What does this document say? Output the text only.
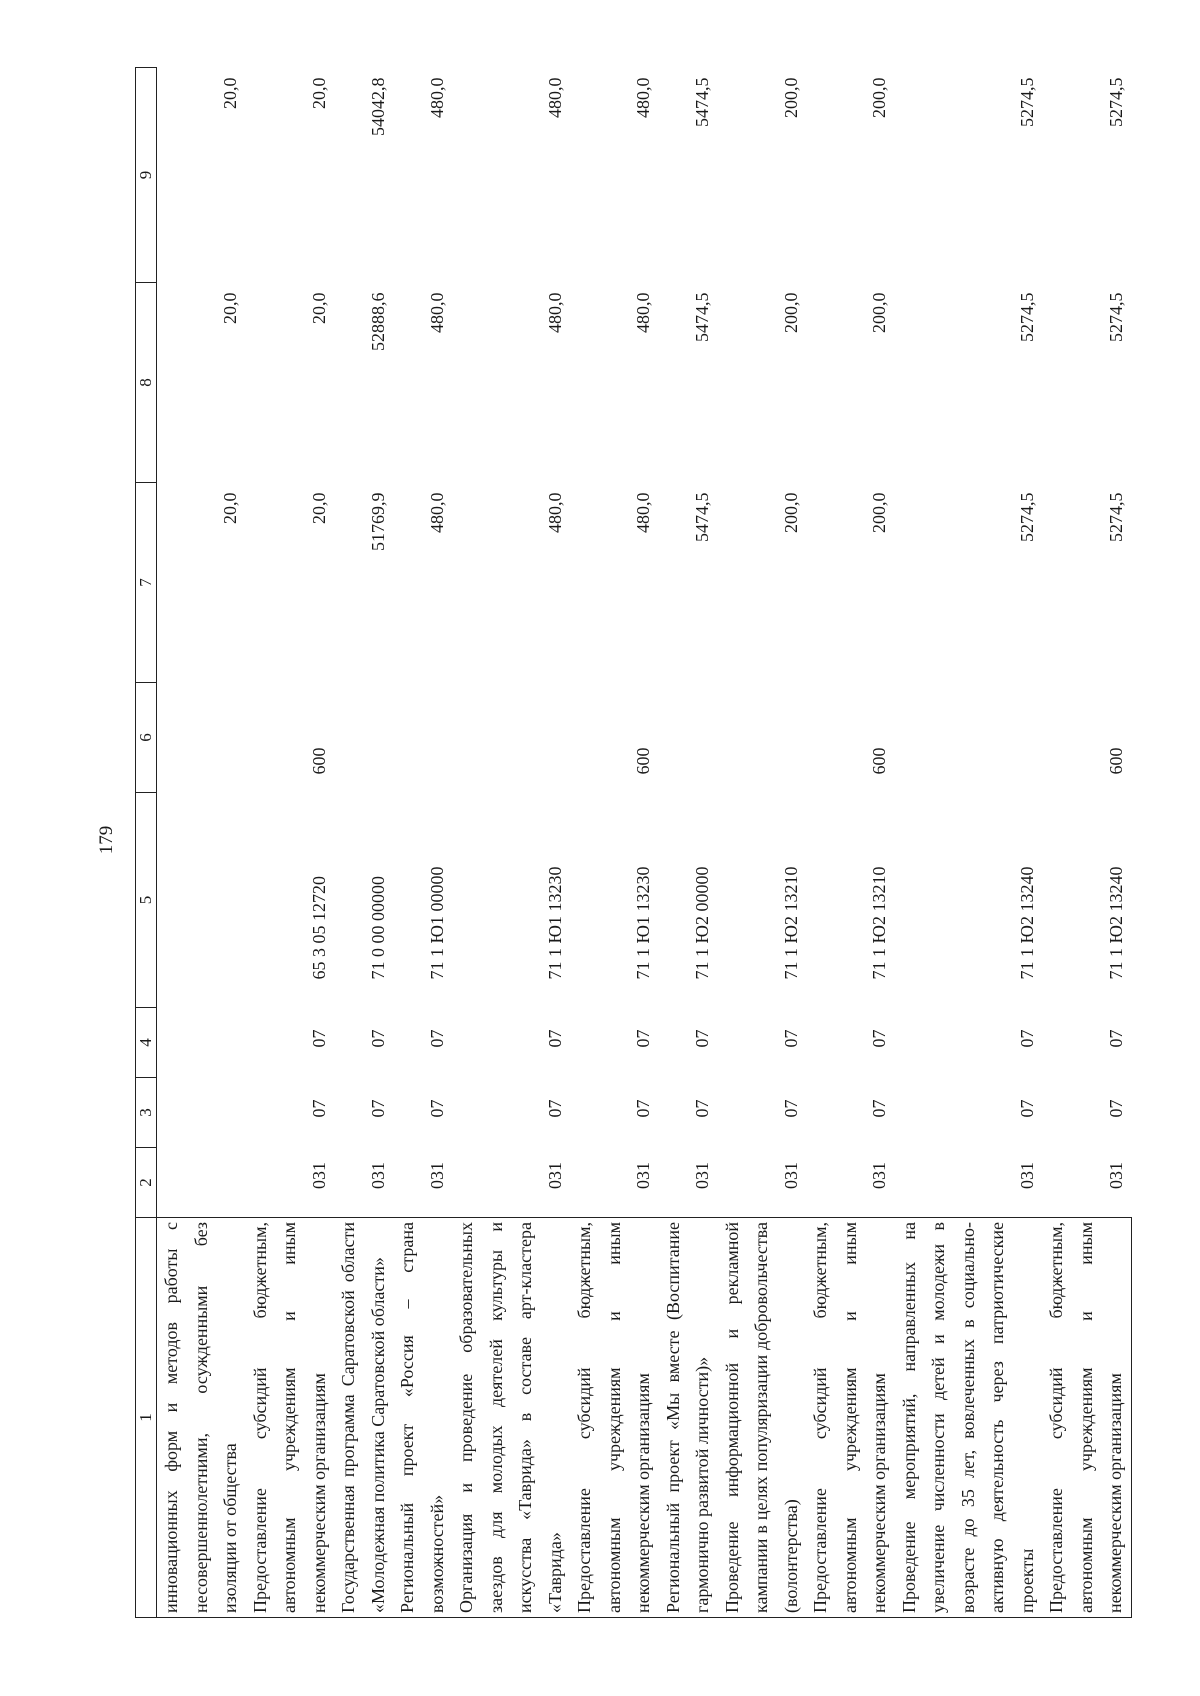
179
1	2	3	4	5	6	7	8	9
инновационных форм и методов работы с несовершеннолетними, осужденными без изоляции от общества						20,0	20,0	20,0
Предоставление субсидий бюджетным, автономным учреждениям и иным некоммерческим организациям	031	07	07	65 3 05 12720	600	20,0	20,0	20,0
Государственная программа Саратовской области «Молодежная политика Саратовской области»	031	07	07	71 0 00 00000		51769,9	52888,6	54042,8
Региональный проект «Россия – страна возможностей»	031	07	07	71 1 Ю1 00000		480,0	480,0	480,0
Организация и проведение образовательных заездов для молодых деятелей культуры и искусства «Таврида» в составе арт-кластера «Таврида»	031	07	07	71 1 Ю1 13230		480,0	480,0	480,0
Предоставление субсидий бюджетным, автономным учреждениям и иным некоммерческим организациям	031	07	07	71 1 Ю1 13230	600	480,0	480,0	480,0
Региональный проект «Мы вместе (Воспитание гармонично развитой личности)»	031	07	07	71 1 Ю2 00000		5474,5	5474,5	5474,5
Проведение информационной и рекламной кампании в целях популяризации добровольчества (волонтерства)	031	07	07	71 1 Ю2 13210		200,0	200,0	200,0
Предоставление субсидий бюджетным, автономным учреждениям и иным некоммерческим организациям	031	07	07	71 1 Ю2 13210	600	200,0	200,0	200,0
Проведение мероприятий, направленных на увеличение численности детей и молодежи в возрасте до 35 лет, вовлеченных в социально-активную деятельность через патриотические проекты	031	07	07	71 1 Ю2 13240		5274,5	5274,5	5274,5
Предоставление субсидий бюджетным, автономным учреждениям и иным некоммерческим организациям	031	07	07	71 1 Ю2 13240	600	5274,5	5274,5	5274,5
